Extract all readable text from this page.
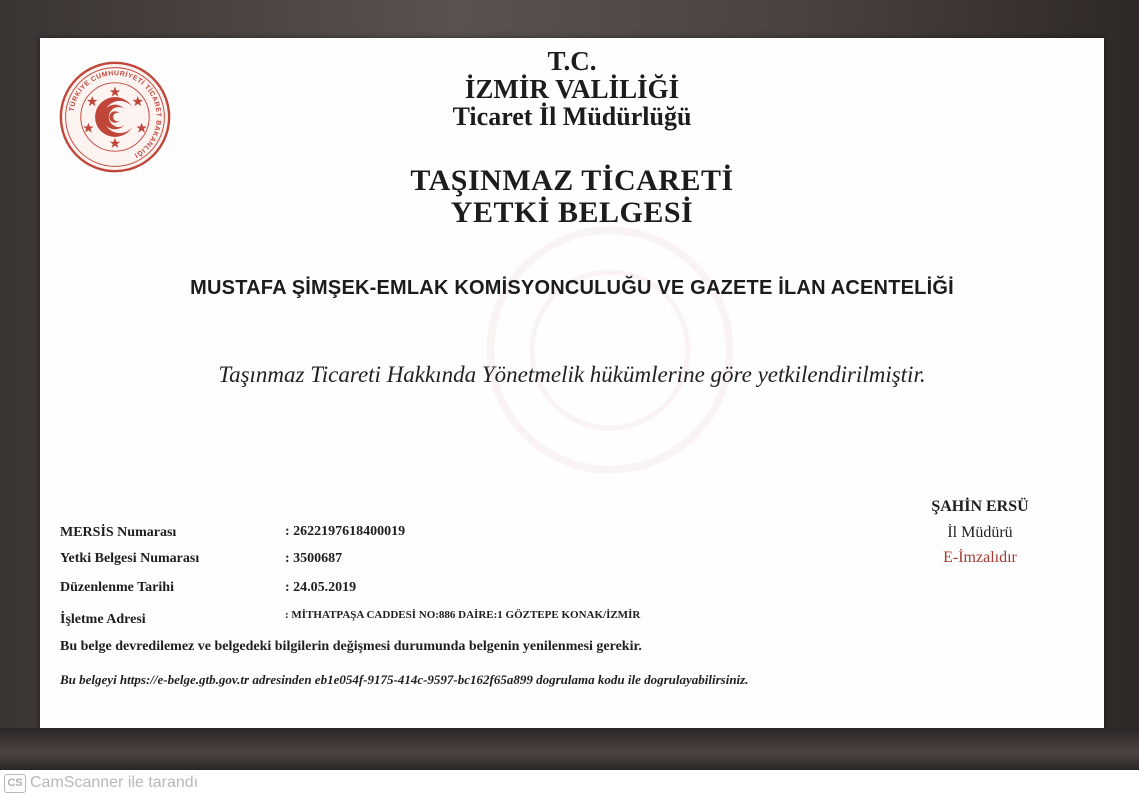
TÜRKİYE CUMHURİYETİ TİCARET BAKANLIĞI
T.C.
İZMİR VALİLİĞİ
Ticaret İl Müdürlüğü
TAŞINMAZ TİCARETİ
YETKİ BELGESİ
MUSTAFA ŞİMŞEK-EMLAK KOMİSYONCULUĞU VE GAZETE İLAN ACENTELİĞİ
Taşınmaz Ticareti Hakkında Yönetmelik hükümlerine göre yetkilendirilmiştir.
ŞAHİN ERSÜ
İl Müdürü
E-İmzalıdır
MERSİS Numarası	: 2622197618400019
Yetki Belgesi Numarası	: 3500687
Düzenlenme Tarihi	: 24.05.2019
İşletme Adresi	: MİTHATPAŞA CADDESİ NO:886 DAİRE:1 GÖZTEPE KONAK/İZMİR
Bu belge devredilemez ve belgedeki bilgilerin değişmesi durumunda belgenin yenilenmesi gerekir.
Bu belgeyi https://e-belge.gtb.gov.tr adresinden eb1e054f-9175-414c-9597-bc162f65a899 dogrulama kodu ile dogrulayabilirsiniz.
CS CamScanner ile tarandı
